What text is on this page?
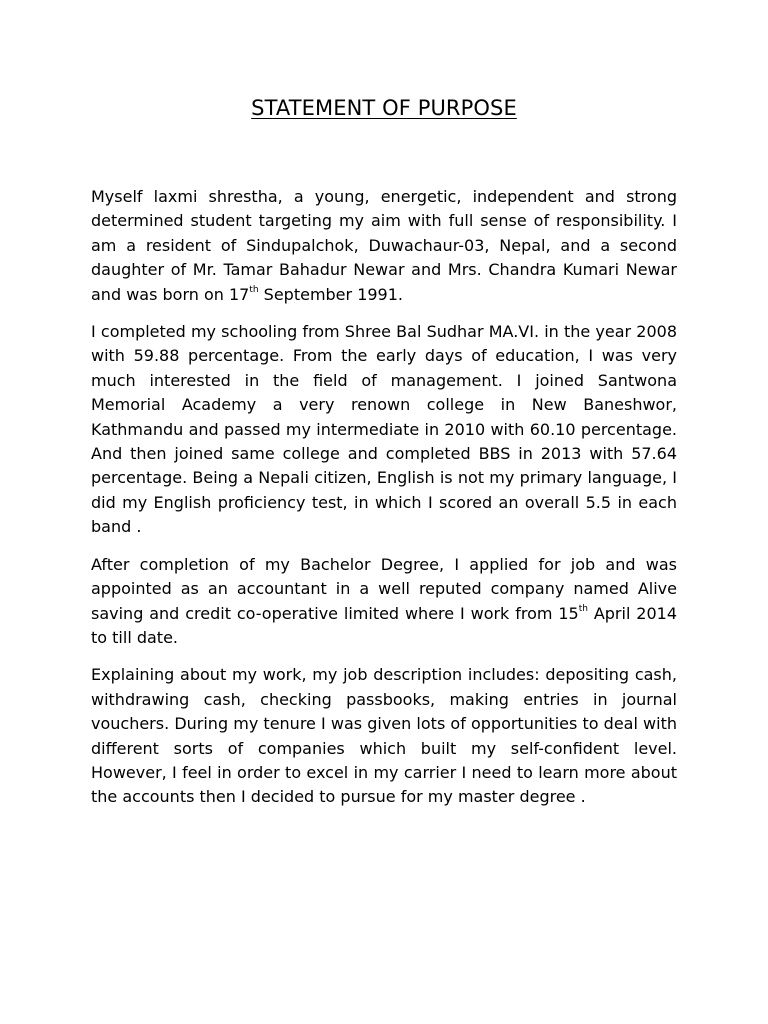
STATEMENT OF PURPOSE

Myself laxmi shrestha, a young, energetic, independent and strong determined student targeting my aim with full sense of responsibility. I am a resident of Sindupalchok, Duwachaur-03, Nepal, and a second daughter of Mr. Tamar Bahadur Newar and Mrs. Chandra Kumari Newar and was born on 17th September 1991.

I completed my schooling from Shree Bal Sudhar MA.VI. in the year 2008 with 59.88 percentage. From the early days of education, I was very much interested in the field of management. I joined Santwona Memorial Academy a very renown college in New Baneshwor, Kathmandu and passed my intermediate in 2010 with 60.10 percentage. And then joined same college and completed BBS in 2013 with 57.64 percentage. Being a Nepali citizen, English is not my primary language, I did my English proficiency test, in which I scored an overall 5.5 in each band .

After completion of my Bachelor Degree, I applied for job and was appointed as an accountant in a well reputed company named Alive saving and credit co-operative limited where I work from 15th April 2014 to till date.

Explaining about my work, my job description includes: depositing cash, withdrawing cash, checking passbooks, making entries in journal vouchers. During my tenure I was given lots of opportunities to deal with different sorts of companies which built my self-confident level. However, I feel in order to excel in my carrier I need to learn more about the accounts then I decided to pursue for my master degree .
